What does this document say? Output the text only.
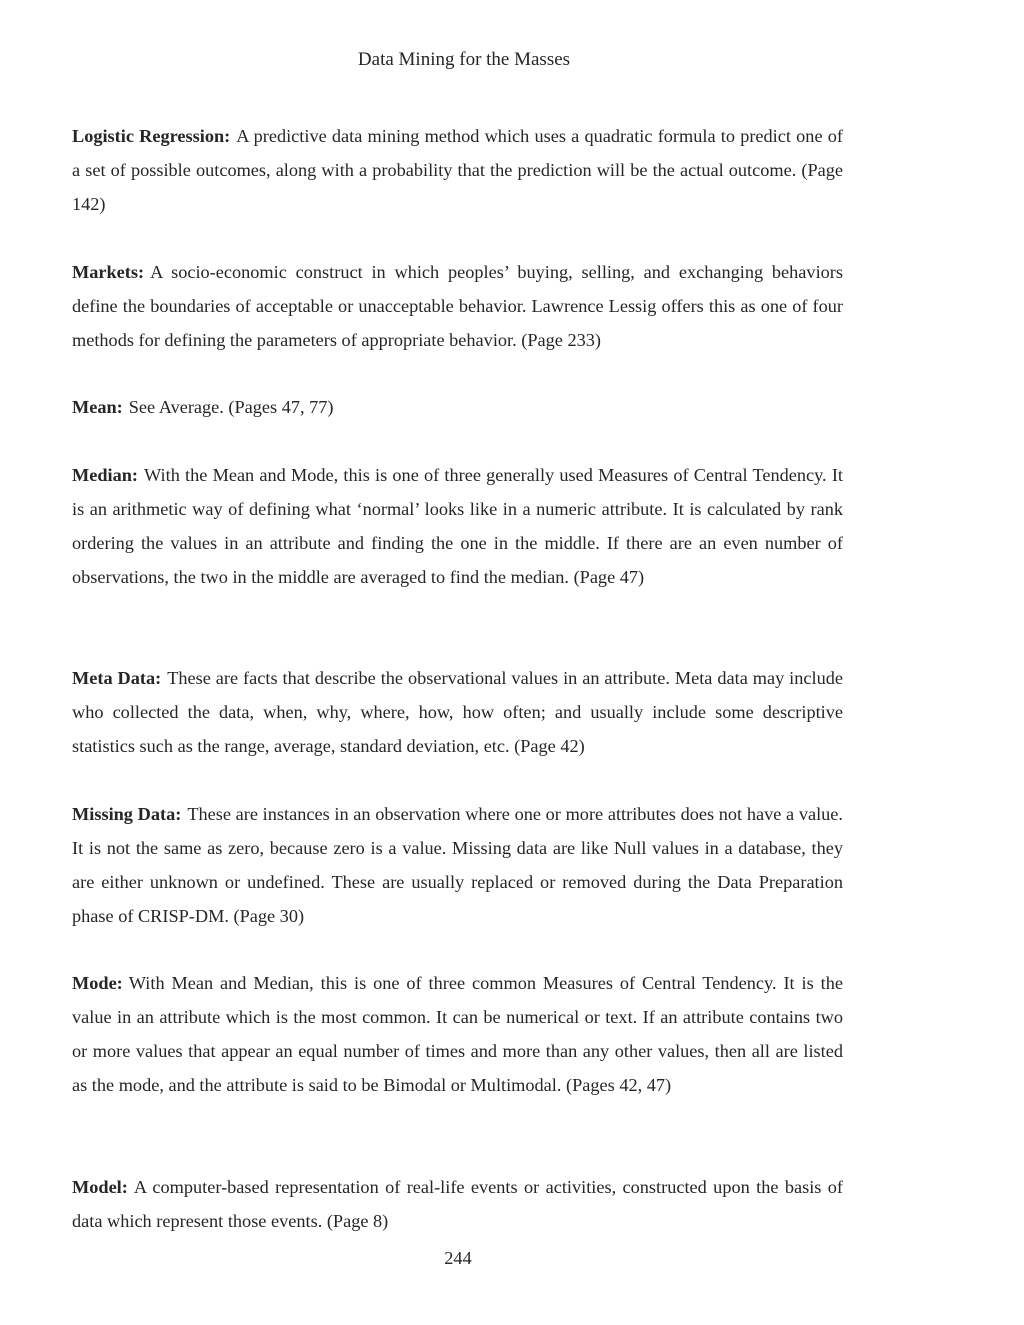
Data Mining for the Masses

Logistic Regression: A predictive data mining method which uses a quadratic formula to predict one of a set of possible outcomes, along with a probability that the prediction will be the actual outcome. (Page 142)

Markets: A socio-economic construct in which peoples’ buying, selling, and exchanging behaviors define the boundaries of acceptable or unacceptable behavior. Lawrence Lessig offers this as one of four methods for defining the parameters of appropriate behavior. (Page 233)

Mean: See Average. (Pages 47, 77)

Median: With the Mean and Mode, this is one of three generally used Measures of Central Tendency. It is an arithmetic way of defining what ‘normal’ looks like in a numeric attribute. It is calculated by rank ordering the values in an attribute and finding the one in the middle. If there are an even number of observations, the two in the middle are averaged to find the median. (Page 47)

Meta Data: These are facts that describe the observational values in an attribute. Meta data may include who collected the data, when, why, where, how, how often; and usually include some descriptive statistics such as the range, average, standard deviation, etc. (Page 42)

Missing Data: These are instances in an observation where one or more attributes does not have a value. It is not the same as zero, because zero is a value. Missing data are like Null values in a database, they are either unknown or undefined. These are usually replaced or removed during the Data Preparation phase of CRISP-DM. (Page 30)

Mode: With Mean and Median, this is one of three common Measures of Central Tendency. It is the value in an attribute which is the most common. It can be numerical or text. If an attribute contains two or more values that appear an equal number of times and more than any other values, then all are listed as the mode, and the attribute is said to be Bimodal or Multimodal. (Pages 42, 47)

Model: A computer-based representation of real-life events or activities, constructed upon the basis of data which represent those events. (Page 8)

244
